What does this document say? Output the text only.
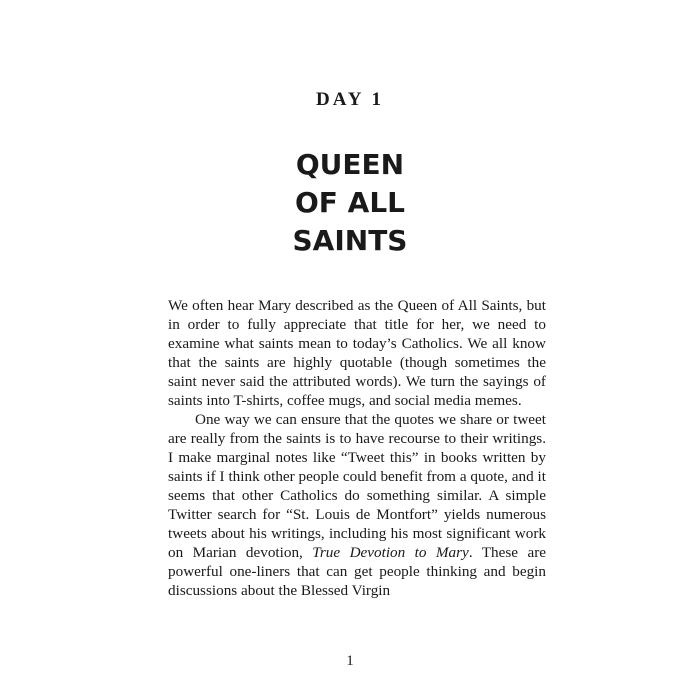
DAY 1
QUEEN
OF ALL
SAINTS

We often hear Mary described as the Queen of All Saints, but in order to fully appreciate that title for her, we need to examine what saints mean to today’s Catholics. We all know that the saints are highly quotable (though sometimes the saint never said the attributed words). We turn the sayings of saints into T-shirts, coffee mugs, and social media memes.

One way we can ensure that the quotes we share or tweet are really from the saints is to have recourse to their writings. I make marginal notes like “Tweet this” in books written by saints if I think other people could benefit from a quote, and it seems that other Catholics do something similar. A simple Twitter search for “St. Louis de Montfort” yields numerous tweets about his writings, including his most significant work on Marian devotion, True Devotion to Mary. These are powerful one-liners that can get people thinking and begin discussions about the Blessed Virgin

1
